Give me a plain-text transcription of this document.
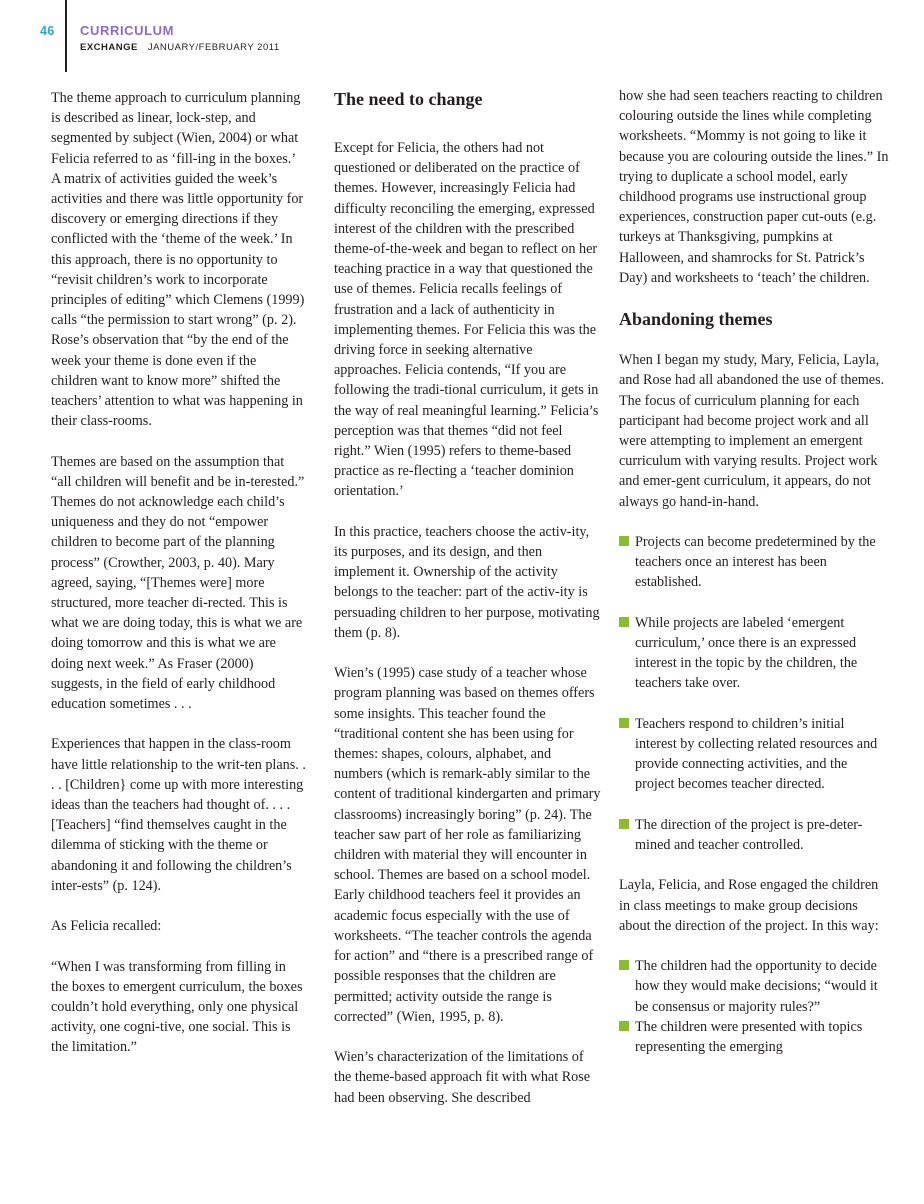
46 CURRICULUM
EXCHANGE JANUARY/FEBRUARY 2011

The theme approach to curriculum planning is described as linear, lock-step, and segmented by subject (Wien, 2004) or what Felicia referred to as ‘fill-ing in the boxes.’ A matrix of activities guided the week’s activities and there was little opportunity for discovery or emerging directions if they conflicted with the ‘theme of the week.’ In this approach, there is no opportunity to “revisit children’s work to incorporate principles of editing” which Clemens (1999) calls “the permission to start wrong” (p. 2). Rose’s observation that “by the end of the week your theme is done even if the children want to know more” shifted the teachers’ attention to what was happening in their class-rooms.

Themes are based on the assumption that “all children will benefit and be in-terested.” Themes do not acknowledge each child’s uniqueness and they do not “empower children to become part of the planning process” (Crowther, 2003, p. 40). Mary agreed, saying, “[Themes were] more structured, more teacher di-rected. This is what we are doing today, this is what we are doing tomorrow and this is what we are doing next week.” As Fraser (2000) suggests, in the field of early childhood education sometimes . . .

Experiences that happen in the class-room have little relationship to the writ-ten plans. . . . [Children} come up with more interesting ideas than the teachers had thought of. . . . [Teachers] “find themselves caught in the dilemma of sticking with the theme or abandoning it and following the children’s inter-ests” (p. 124).

As Felicia recalled:

“When I was transforming from filling in the boxes to emergent curriculum, the boxes couldn’t hold everything, only one physical activity, one cogni-tive, one social. This is the limitation.”

The need to change

Except for Felicia, the others had not questioned or deliberated on the practice of themes. However, increasingly Felicia had difficulty reconciling the emerging, expressed interest of the children with the prescribed theme-of-the-week and began to reflect on her teaching practice in a way that questioned the use of themes. Felicia recalls feelings of frustration and a lack of authenticity in implementing themes. For Felicia this was the driving force in seeking alternative approaches. Felicia contends, “If you are following the tradi-tional curriculum, it gets in the way of real meaningful learning.” Felicia’s perception was that themes “did not feel right.” Wien (1995) refers to theme-based practice as re-flecting a ‘teacher dominion orientation.’

In this practice, teachers choose the activ-ity, its purposes, and its design, and then implement it. Ownership of the activity belongs to the teacher: part of the activ-ity is persuading children to her purpose, motivating them (p. 8).

Wien’s (1995) case study of a teacher whose program planning was based on themes offers some insights. This teacher found the “traditional content she has been using for themes: shapes, colours, alphabet, and numbers (which is remark-ably similar to the content of traditional kindergarten and primary classrooms) increasingly boring” (p. 24). The teacher saw part of her role as familiarizing children with material they will encounter in school. Themes are based on a school model. Early childhood teachers feel it provides an academic focus especially with the use of worksheets. “The teacher controls the agenda for action” and “there is a prescribed range of possible responses that the children are permitted; activity outside the range is corrected” (Wien, 1995, p. 8).

Wien’s characterization of the limitations of the theme-based approach fit with what Rose had been observing. She described

how she had seen teachers reacting to children colouring outside the lines while completing worksheets. “Mommy is not going to like it because you are colouring outside the lines.” In trying to duplicate a school model, early childhood programs use instructional group experiences, construction paper cut-outs (e.g. turkeys at Thanksgiving, pumpkins at Halloween, and shamrocks for St. Patrick’s Day) and worksheets to ‘teach’ the children.

Abandoning themes

When I began my study, Mary, Felicia, Layla, and Rose had all abandoned the use of themes. The focus of curriculum planning for each participant had become project work and all were attempting to implement an emergent curriculum with varying results. Project work and emer-gent curriculum, it appears, do not always go hand-in-hand.

Projects can become predetermined by the teachers once an interest has been established.
While projects are labeled ‘emergent curriculum,’ once there is an expressed interest in the topic by the children, the teachers take over.
Teachers respond to children’s initial interest by collecting related resources and provide connecting activities, and the project becomes teacher directed.
The direction of the project is pre-deter-mined and teacher controlled.

Layla, Felicia, and Rose engaged the children in class meetings to make group decisions about the direction of the project. In this way:

The children had the opportunity to decide how they would make decisions; “would it be consensus or majority rules?”
The children were presented with topics representing the emerging
